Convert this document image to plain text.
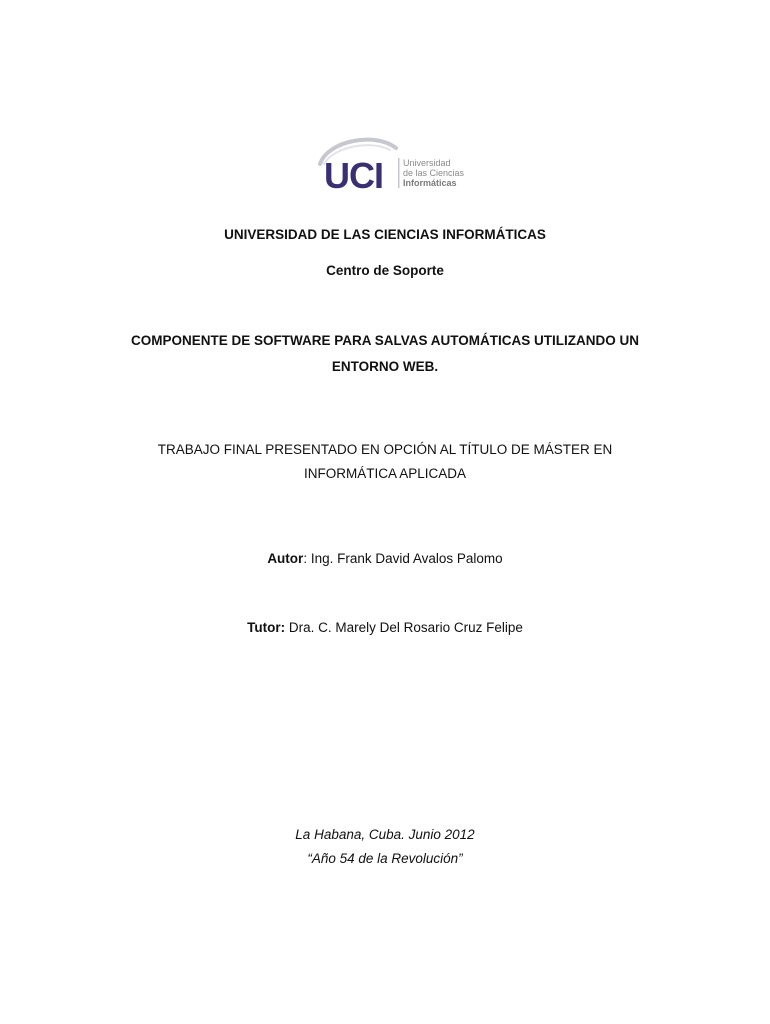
UCI Universidad
de las Ciencias
Informáticas
UNIVERSIDAD DE LAS CIENCIAS INFORMÁTICAS
Centro de Soporte
COMPONENTE DE SOFTWARE PARA SALVAS AUTOMÁTICAS UTILIZANDO UN
ENTORNO WEB.
TRABAJO FINAL PRESENTADO EN OPCIÓN AL TÍTULO DE MÁSTER EN
INFORMÁTICA APLICADA
Autor: Ing. Frank David Avalos Palomo
Tutor: Dra. C. Marely Del Rosario Cruz Felipe
La Habana, Cuba. Junio 2012
“Año 54 de la Revolución”
